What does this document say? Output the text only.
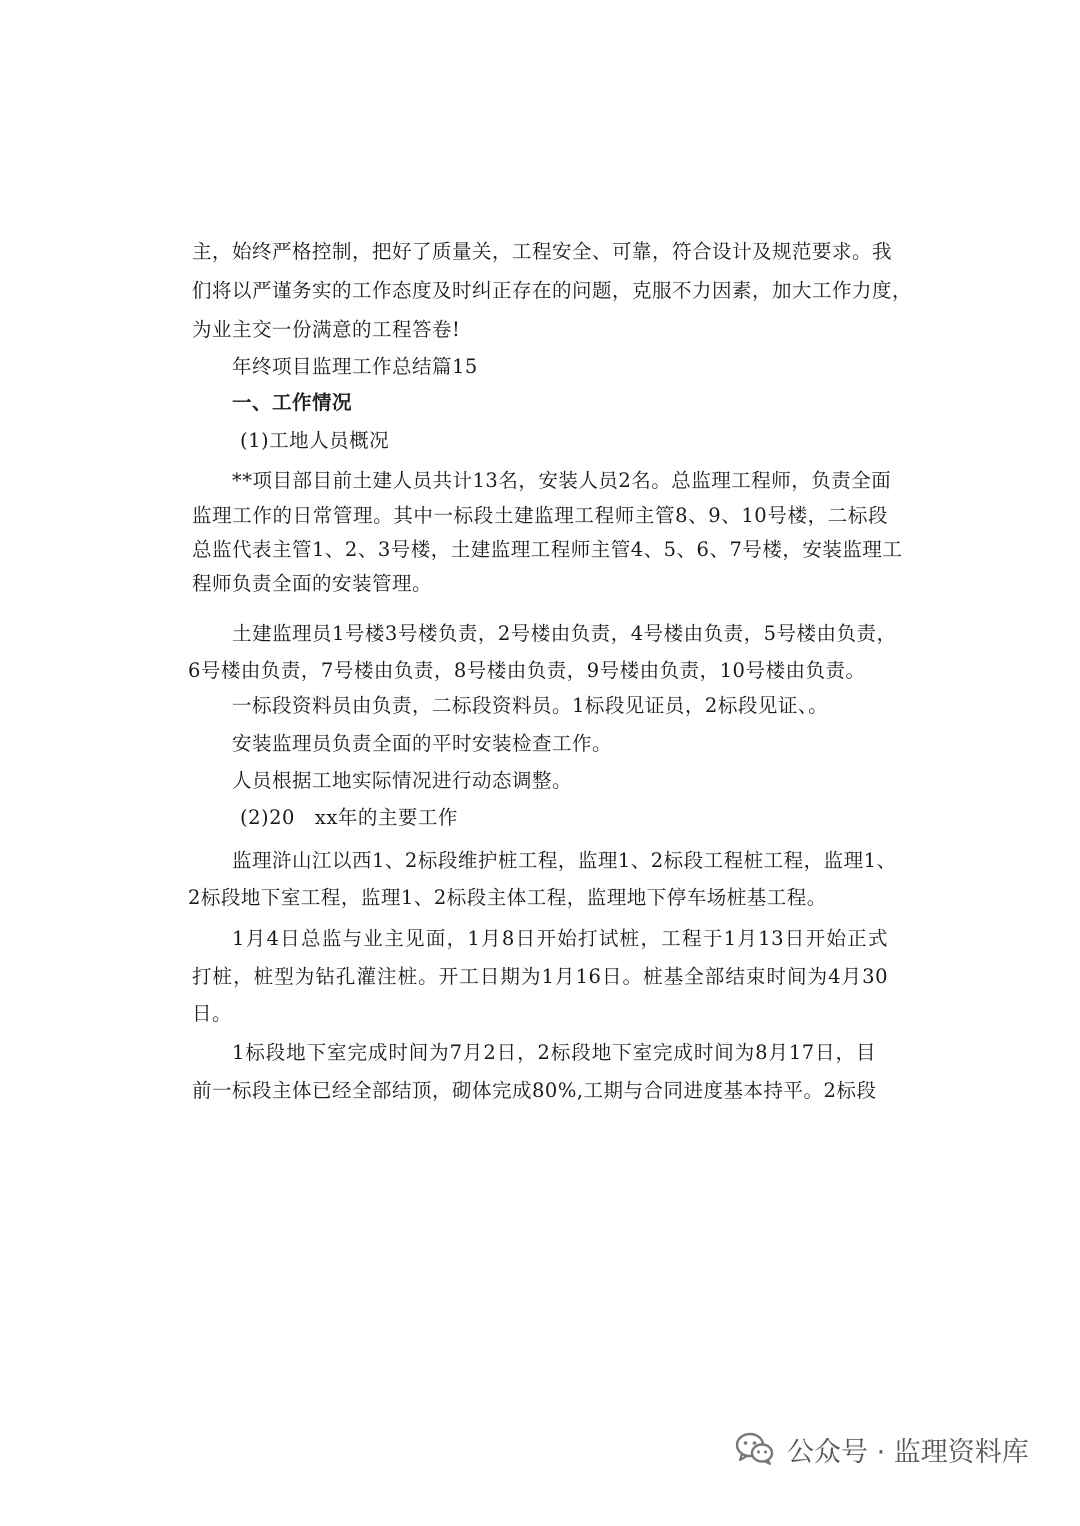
主，始终严格控制，把好了质量关，工程安全、可靠，符合设计及规范要求。我
们将以严谨务实的工作态度及时纠正存在的问题，克服不力因素，加大工作力度，
为业主交一份满意的工程答卷!
年终项目监理工作总结篇15
一、工作情况
(1)工地人员概况
**项目部目前土建人员共计13名，安装人员2名。总监理工程师，负责全面
监理工作的日常管理。其中一标段土建监理工程师主管8、9、10号楼，二标段
总监代表主管1、2、3号楼，土建监理工程师主管4、5、6、7号楼，安装监理工
程师负责全面的安装管理。
土建监理员1号楼3号楼负责，2号楼由负责，4号楼由负责，5号楼由负责，
6号楼由负责，7号楼由负责，8号楼由负责，9号楼由负责，10号楼由负责。
一标段资料员由负责，二标段资料员。1标段见证员，2标段见证、。
安装监理员负责全面的平时安装检查工作。
人员根据工地实际情况进行动态调整。
(2)20　xx年的主要工作
监理浒山江以西1、2标段维护桩工程，监理1、2标段工程桩工程，监理1、
2标段地下室工程，监理1、2标段主体工程，监理地下停车场桩基工程。
1月4日总监与业主见面，1月8日开始打试桩，工程于1月13日开始正式
打桩，桩型为钻孔灌注桩。开工日期为1月16日。桩基全部结束时间为4月30
日。
1标段地下室完成时间为7月2日，2标段地下室完成时间为8月17日，目
前一标段主体已经全部结顶，砌体完成80%,工期与合同进度基本持平。2标段
公众号 · 监理资料库
